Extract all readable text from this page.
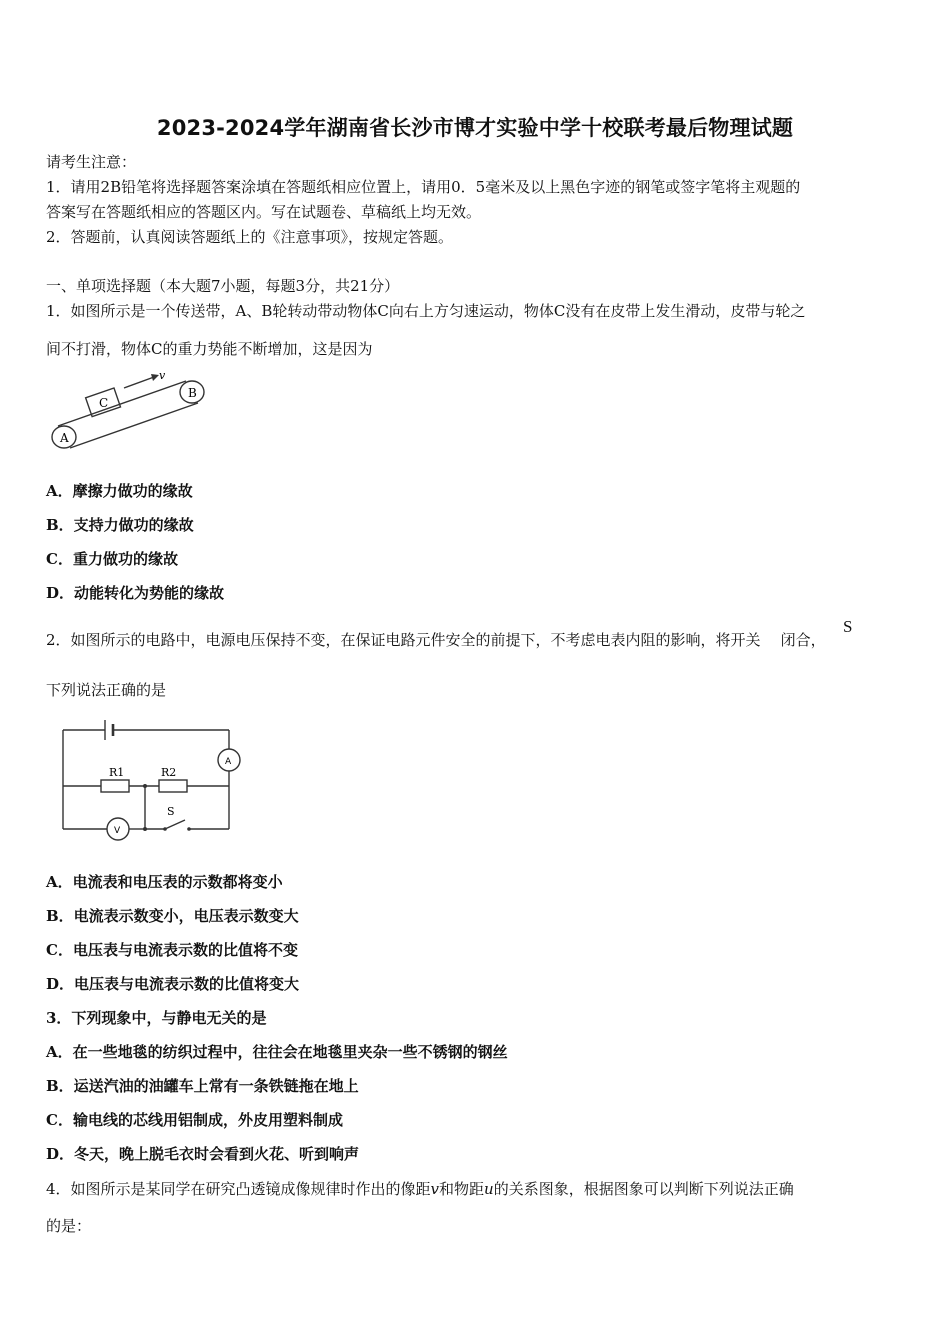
2023-2024学年湖南省长沙市博才实验中学十校联考最后物理试题
请考生注意：
1．请用2B铅笔将选择题答案涂填在答题纸相应位置上，请用0．5毫米及以上黑色字迹的钢笔或签字笔将主观题的
答案写在答题纸相应的答题区内。写在试题卷、草稿纸上均无效。
2．答题前，认真阅读答题纸上的《注意事项》，按规定答题。
一、单项选择题（本大题7小题，每题3分，共21分）
1．如图所示是一个传送带，A、B轮转动带动物体C向右上方匀速运动，物体C没有在皮带上发生滑动，皮带与轮之
间不打滑，物体C的重力势能不断增加，这是因为
v
A
B
C
A．摩擦力做功的缘故
B．支持力做功的缘故
C．重力做功的缘故
D．动能转化为势能的缘故
2．如图所示的电路中，电源电压保持不变，在保证电路元件安全的前提下，不考虑电表内阻的影响，将开关 闭合，
S
下列说法正确的是
R1	R2
S
A
V
A．电流表和电压表的示数都将变小
B．电流表示数变小，电压表示数变大
C．电压表与电流表示数的比值将不变
D．电压表与电流表示数的比值将变大
3．下列现象中，与静电无关的是
A．在一些地毯的纺织过程中，往往会在地毯里夹杂一些不锈钢的钢丝
B．运送汽油的油罐车上常有一条铁链拖在地上
C．输电线的芯线用铝制成，外皮用塑料制成
D．冬天，晚上脱毛衣时会看到火花、听到响声
4．如图所示是某同学在研究凸透镜成像规律时作出的像距v和物距u的关系图象，根据图象可以判断下列说法正确
的是：
